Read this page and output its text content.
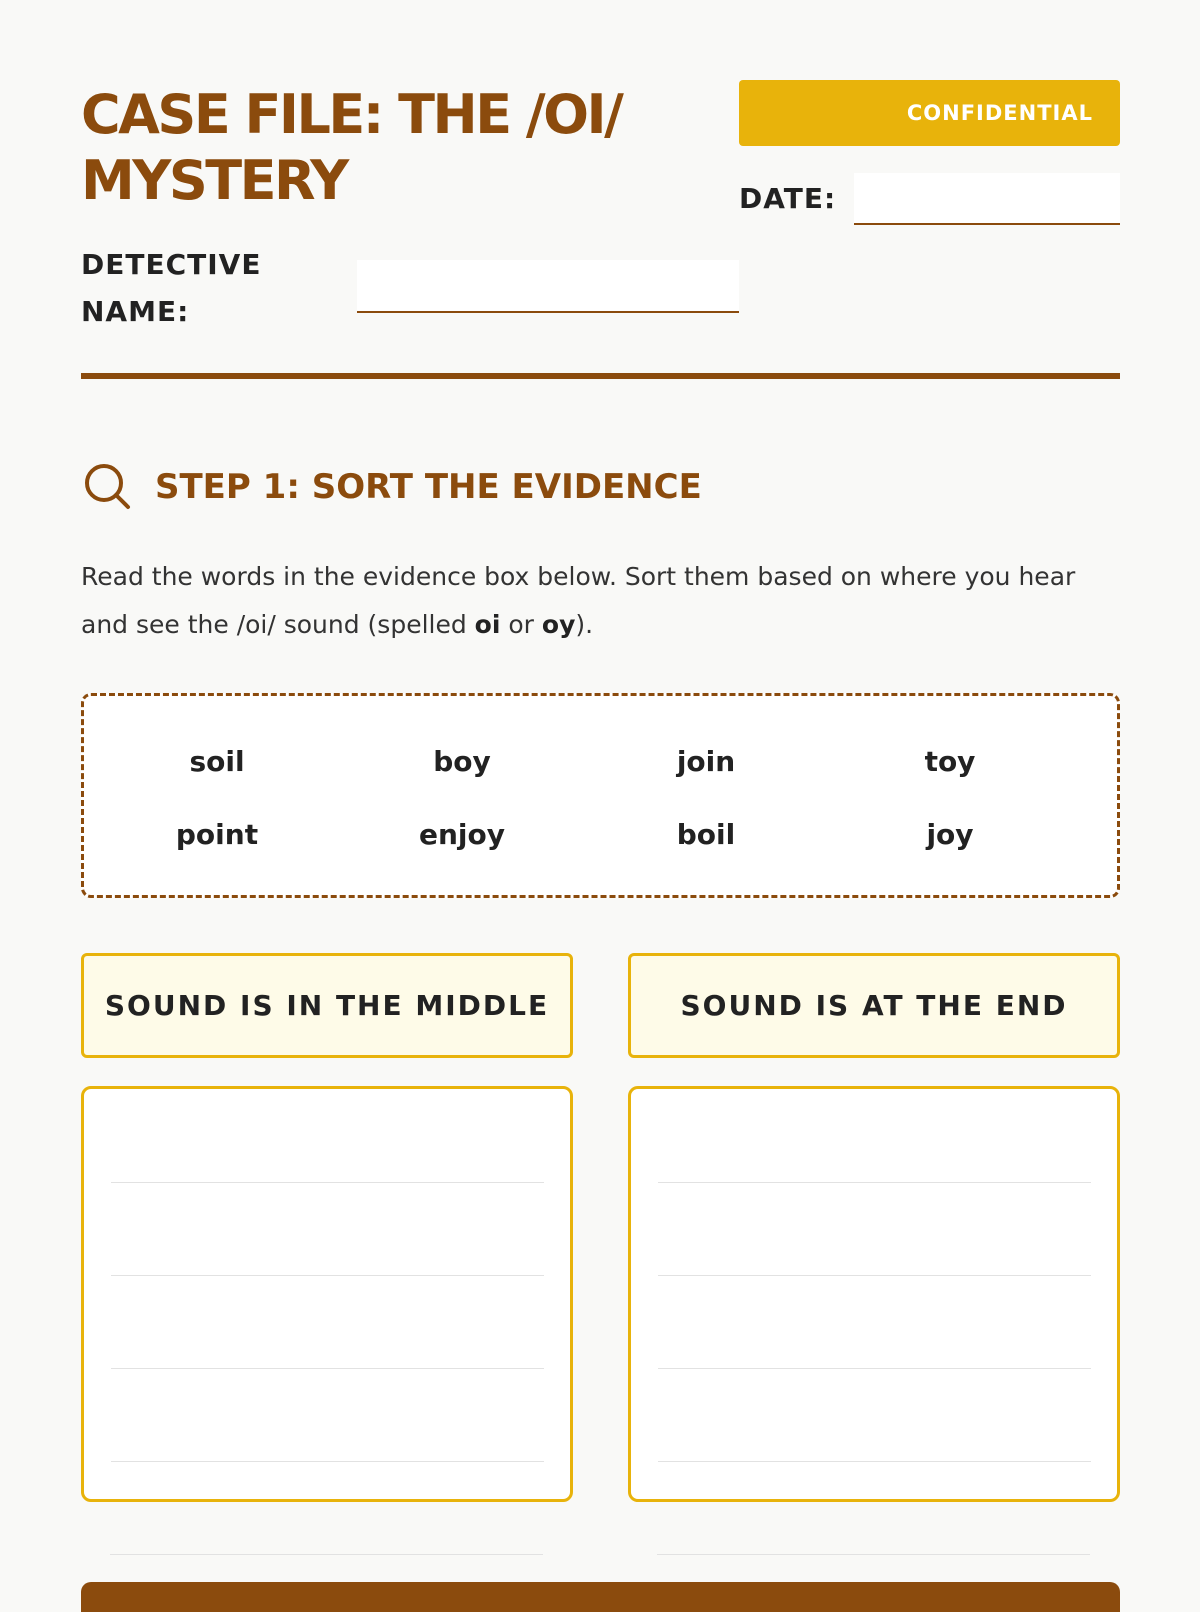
CASE FILE: THE /OI/ MYSTERY
CONFIDENTIAL
DATE:
DETECTIVE NAME:
STEP 1: SORT THE EVIDENCE

Read the words in the evidence box below. Sort them based on where you hear and see the /oi/ sound (spelled oi or oy).

soil	boy	join	toy
point	enjoy	boil	joy
SOUND IS IN THE MIDDLE	SOUND IS AT THE END
